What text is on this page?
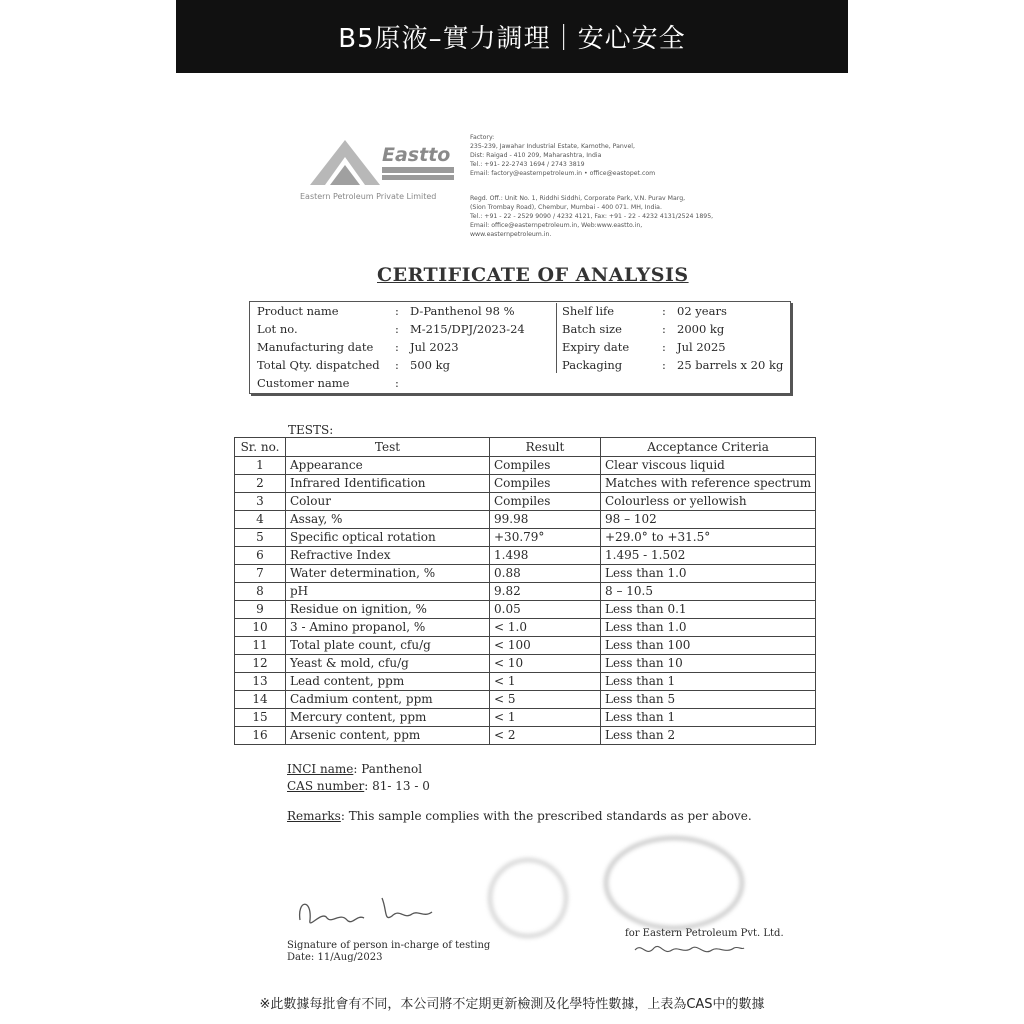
B5原液–實力調理｜安心安全
Eastto
Eastern Petroleum Private Limited
Factory:
235-239, Jawahar Industrial Estate, Kamothe, Panvel,
Dist: Raigad - 410 209, Maharashtra, India
Tel.: +91- 22-2743 1694 / 2743 3819
Email: factory@easternpetroleum.in • office@eastopet.com
Regd. Off.: Unit No. 1, Riddhi Siddhi, Corporate Park, V.N. Purav Marg,
(Sion Trombay Road), Chembur, Mumbai - 400 071. MH, India.
Tel.: +91 - 22 - 2529 9090 / 4232 4121, Fax: +91 - 22 - 4232 4131/2524 1895,
Email: office@easternpetroleum.in, Web:www.eastto.in,
www.easternpetroleum.in.
CERTIFICATE OF ANALYSIS
Product name	: D-Panthenol 98 %
Lot no.	: M-215/DPJ/2023-24
Manufacturing date : Jul 2023
Total Qty. dispatched : 500 kg
Customer name	:
Shelf life	: 02 years
Batch size	: 2000 kg
Expiry date	: Jul 2025
Packaging	: 25 barrels x 20 kg
TESTS:
Sr. no.	Test	Result	Acceptance Criteria
1	Appearance	Compiles	Clear viscous liquid
2	Infrared Identification	Compiles	Matches with reference spectrum
3	Colour	Compiles	Colourless or yellowish
4	Assay, %	99.98	98 – 102
5	Specific optical rotation	+30.79°	+29.0° to +31.5°
6	Refractive Index	1.498	1.495 - 1.502
7	Water determination, %	0.88	Less than 1.0
8	pH	9.82	8 – 10.5
9	Residue on ignition, %	0.05	Less than 0.1
10	3 - Amino propanol, %	< 1.0	Less than 1.0
11	Total plate count, cfu/g	< 100	Less than 100
12	Yeast & mold, cfu/g	< 10	Less than 10
13	Lead content, ppm	< 1	Less than 1
14	Cadmium content, ppm	< 5	Less than 5
15	Mercury content, ppm	< 1	Less than 1
16	Arsenic content, ppm	< 2	Less than 2
INCI name: Panthenol
CAS number: 81- 13 - 0
Remarks: This sample complies with the prescribed standards as per above.
Signature of person in-charge of testing
Date: 11/Aug/2023
for Eastern Petroleum Pvt. Ltd.
※此數據每批會有不同，本公司將不定期更新檢測及化學特性數據，上表為CAS中的數據
